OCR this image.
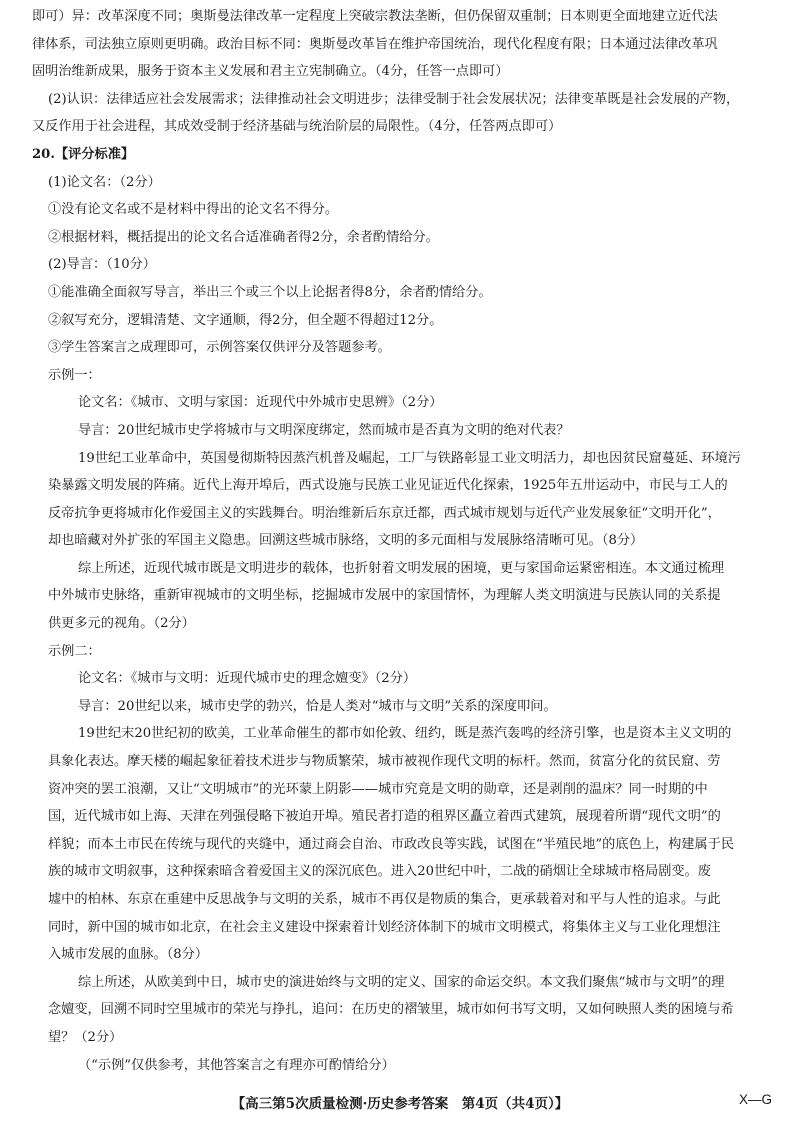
即可）异：改革深度不同；奥斯曼法律改革一定程度上突破宗教法垄断，但仍保留双重制；日本则更全面地建立近代法

律体系，司法独立原则更明确。政治目标不同：奥斯曼改革旨在维护帝国统治，现代化程度有限；日本通过法律改革巩

固明治维新成果，服务于资本主义发展和君主立宪制确立。（4分，任答一点即可）

(2)认识：法律适应社会发展需求；法律推动社会文明进步；法律受制于社会发展状况；法律变革既是社会发展的产物，

又反作用于社会进程，其成效受制于经济基础与统治阶层的局限性。（4分，任答两点即可）

20.【评分标准】

(1)论文名：（2分）

①没有论文名或不是材料中得出的论文名不得分。

②根据材料，概括提出的论文名合适准确者得2分，余者酌情给分。

(2)导言：（10分）

①能准确全面叙写导言，举出三个或三个以上论据者得8分，余者酌情给分。

②叙写充分，逻辑清楚、文字通顺，得2分，但全题不得超过12分。

③学生答案言之成理即可，示例答案仅供评分及答题参考。

示例一：

论文名：《城市、文明与家国：近现代中外城市史思辨》（2分）

导言：20世纪城市史学将城市与文明深度绑定，然而城市是否真为文明的绝对代表？

19世纪工业革命中，英国曼彻斯特因蒸汽机普及崛起，工厂与铁路彰显工业文明活力，却也因贫民窟蔓延、环境污

染暴露文明发展的阵痛。近代上海开埠后，西式设施与民族工业见证近代化探索，1925年五卅运动中，市民与工人的

反帝抗争更将城市化作爱国主义的实践舞台。明治维新后东京迁都，西式城市规划与近代产业发展象征“文明开化”，

却也暗藏对外扩张的军国主义隐患。回溯这些城市脉络，文明的多元面相与发展脉络清晰可见。（8分）

综上所述，近现代城市既是文明进步的载体，也折射着文明发展的困境，更与家国命运紧密相连。本文通过梳理

中外城市史脉络，重新审视城市的文明坐标，挖掘城市发展中的家国情怀，为理解人类文明演进与民族认同的关系提

供更多元的视角。（2分）

示例二：

论文名：《城市与文明：近现代城市史的理念嬗变》（2分）

导言：20世纪以来，城市史学的勃兴，恰是人类对“城市与文明”关系的深度叩问。

19世纪末20世纪初的欧美，工业革命催生的都市如伦敦、纽约，既是蒸汽轰鸣的经济引擎，也是资本主义文明的

具象化表达。摩天楼的崛起象征着技术进步与物质繁荣，城市被视作现代文明的标杆。然而，贫富分化的贫民窟、劳

资冲突的罢工浪潮，又让“文明城市”的光环蒙上阴影——城市究竟是文明的勋章，还是剥削的温床？同一时期的中

国，近代城市如上海、天津在列强侵略下被迫开埠。殖民者打造的租界区矗立着西式建筑，展现着所谓“现代文明”的

样貌；而本土市民在传统与现代的夹缝中，通过商会自治、市政改良等实践，试图在“半殖民地”的底色上，构建属于民

族的城市文明叙事，这种探索暗含着爱国主义的深沉底色。进入20世纪中叶，二战的硝烟让全球城市格局剧变。废

墟中的柏林、东京在重建中反思战争与文明的关系，城市不再仅是物质的集合，更承载着对和平与人性的追求。与此

同时，新中国的城市如北京，在社会主义建设中探索着计划经济体制下的城市文明模式，将集体主义与工业化理想注

入城市发展的血脉。（8分）

综上所述，从欧美到中日，城市史的演进始终与文明的定义、国家的命运交织。本文我们聚焦“城市与文明”的理

念嬗变，回溯不同时空里城市的荣光与挣扎，追问：在历史的褶皱里，城市如何书写文明，又如何映照人类的困境与希

望？（2分）

（“示例”仅供参考，其他答案言之有理亦可酌情给分）

【高三第5次质量检测·历史参考答案　第4页（共4页）】	X—G
